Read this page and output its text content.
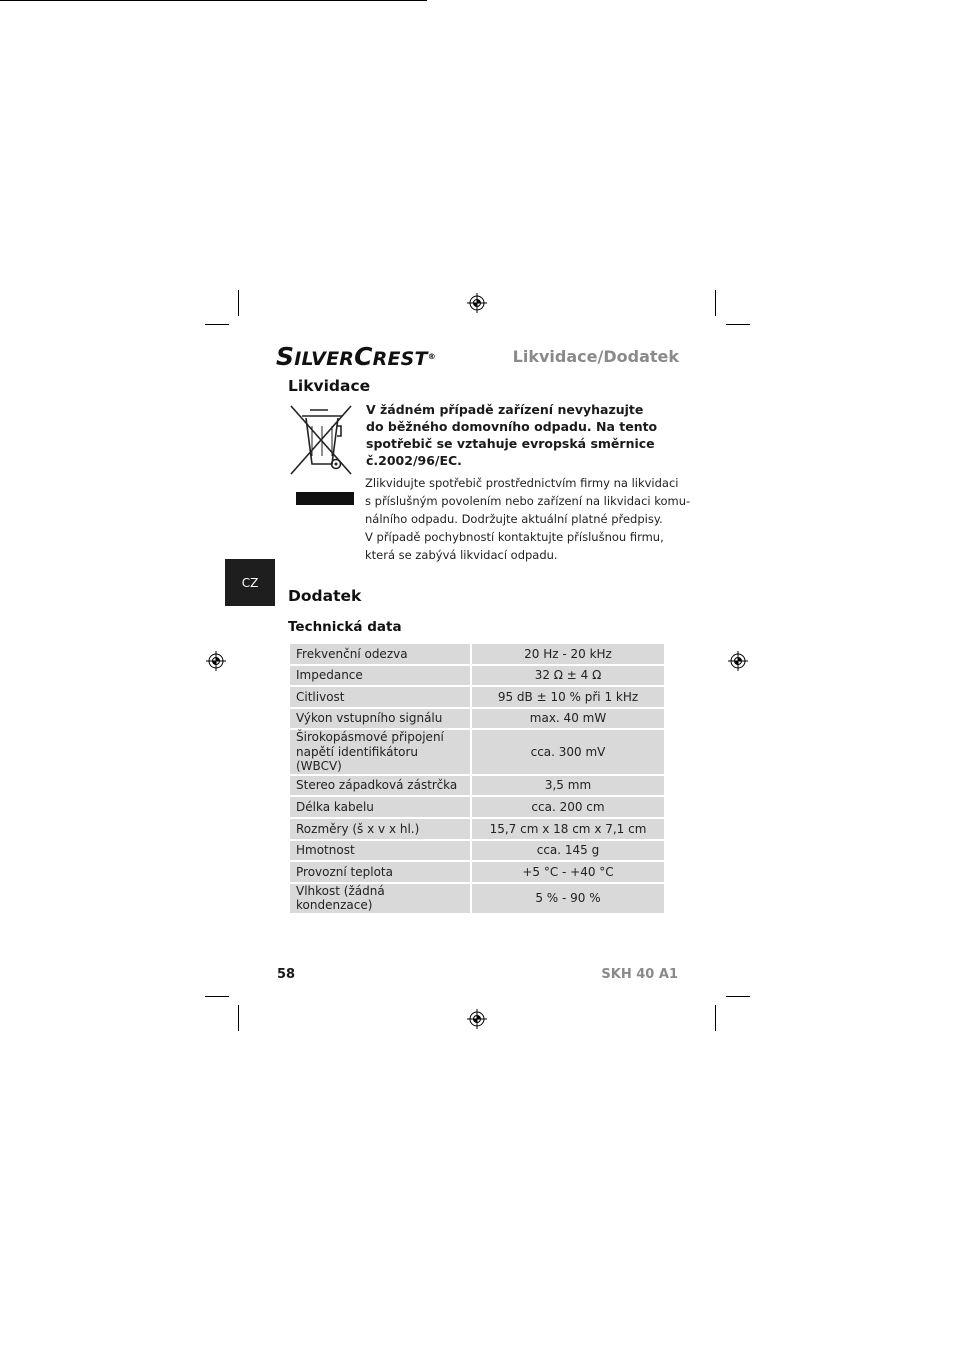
SILVERCREST®	Likvidace/Dodatek
Likvidace
V žádném případě zařízení nevyhazujte
do běžného domovního odpadu. Na tento
spotřebič se vztahuje evropská směrnice
č.2002/96/EC.
Zlikvidujte spotřebič prostřednictvím firmy na likvidaci
s příslušným povolením nebo zařízení na likvidaci komu-
nálního odpadu. Dodržujte aktuální platné předpisy.
V případě pochybností kontaktujte příslušnou firmu,
která se zabývá likvidací odpadu.
CZ
Dodatek
Technická data
Frekvenční odezva	20 Hz - 20 kHz
Impedance	32 Ω ± 4 Ω
Citlivost	95 dB ± 10 % při 1 kHz
Výkon vstupního signálu	max. 40 mW
Širokopásmové připojení napětí identifikátoru (WBCV)	cca. 300 mV
Stereo západková zástrčka	3,5 mm
Délka kabelu	cca. 200 cm
Rozměry (š x v x hl.)	15,7 cm x 18 cm x 7,1 cm
Hmotnost	cca. 145 g
Provozní teplota	+5 °C - +40 °C
Vlhkost (žádná kondenzace)	5 % - 90 %
58	SKH 40 A1
